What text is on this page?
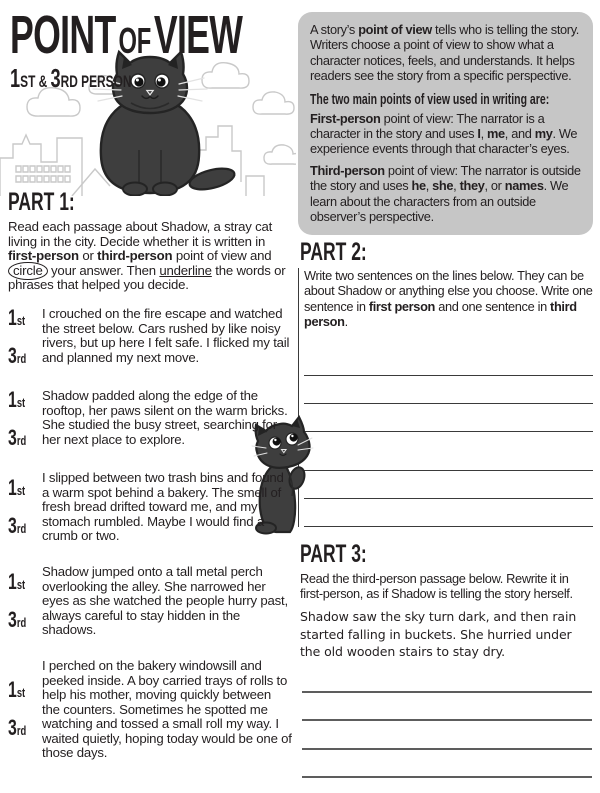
POINT OF VIEW
1ST & 3RD PERSON
PART 1:
Read each passage about Shadow, a stray cat living in the city. Decide whether it is written in first-person or third-person point of view and circle your answer. Then underline the words or phrases that helped you decide.
1st
3rd
I crouched on the fire escape and watched the street below. Cars rushed by like noisy rivers, but up here I felt safe. I flicked my tail and planned my next move.
1st
3rd
Shadow padded along the edge of the rooftop, her paws silent on the warm bricks. She studied the busy street, searching for her next place to explore.
1st
3rd
I slipped between two trash bins and found a warm spot behind a bakery. The smell of fresh bread drifted toward me, and my stomach rumbled. Maybe I would find a crumb or two.
1st
3rd
Shadow jumped onto a tall metal perch overlooking the alley. She narrowed her eyes as she watched the people hurry past, always careful to stay hidden in the shadows.
1st
3rd
I perched on the bakery windowsill and peeked inside. A boy carried trays of rolls to help his mother, moving quickly between the counters. Sometimes he spotted me watching and tossed a small roll my way. I waited quietly, hoping today would be one of those days.
A story’s point of view tells who is telling the story. Writers choose a point of view to show what a character notices, feels, and understands. It helps readers see the story from a specific perspective.
The two main points of view used in writing are:
First-person point of view: The narrator is a character in the story and uses I, me, and my. We experience events through that character’s eyes.
Third-person point of view: The narrator is outside the story and uses he, she, they, or names. We learn about the characters from an outside observer’s perspective.
PART 2:
Write two sentences on the lines below. They can be about Shadow or anything else you choose. Write one sentence in first person and one sentence in third person.
PART 3:
Read the third-person passage below. Rewrite it in first-person, as if Shadow is telling the story herself.
Shadow saw the sky turn dark, and then rain started falling in buckets. She hurried under the old wooden stairs to stay dry.
